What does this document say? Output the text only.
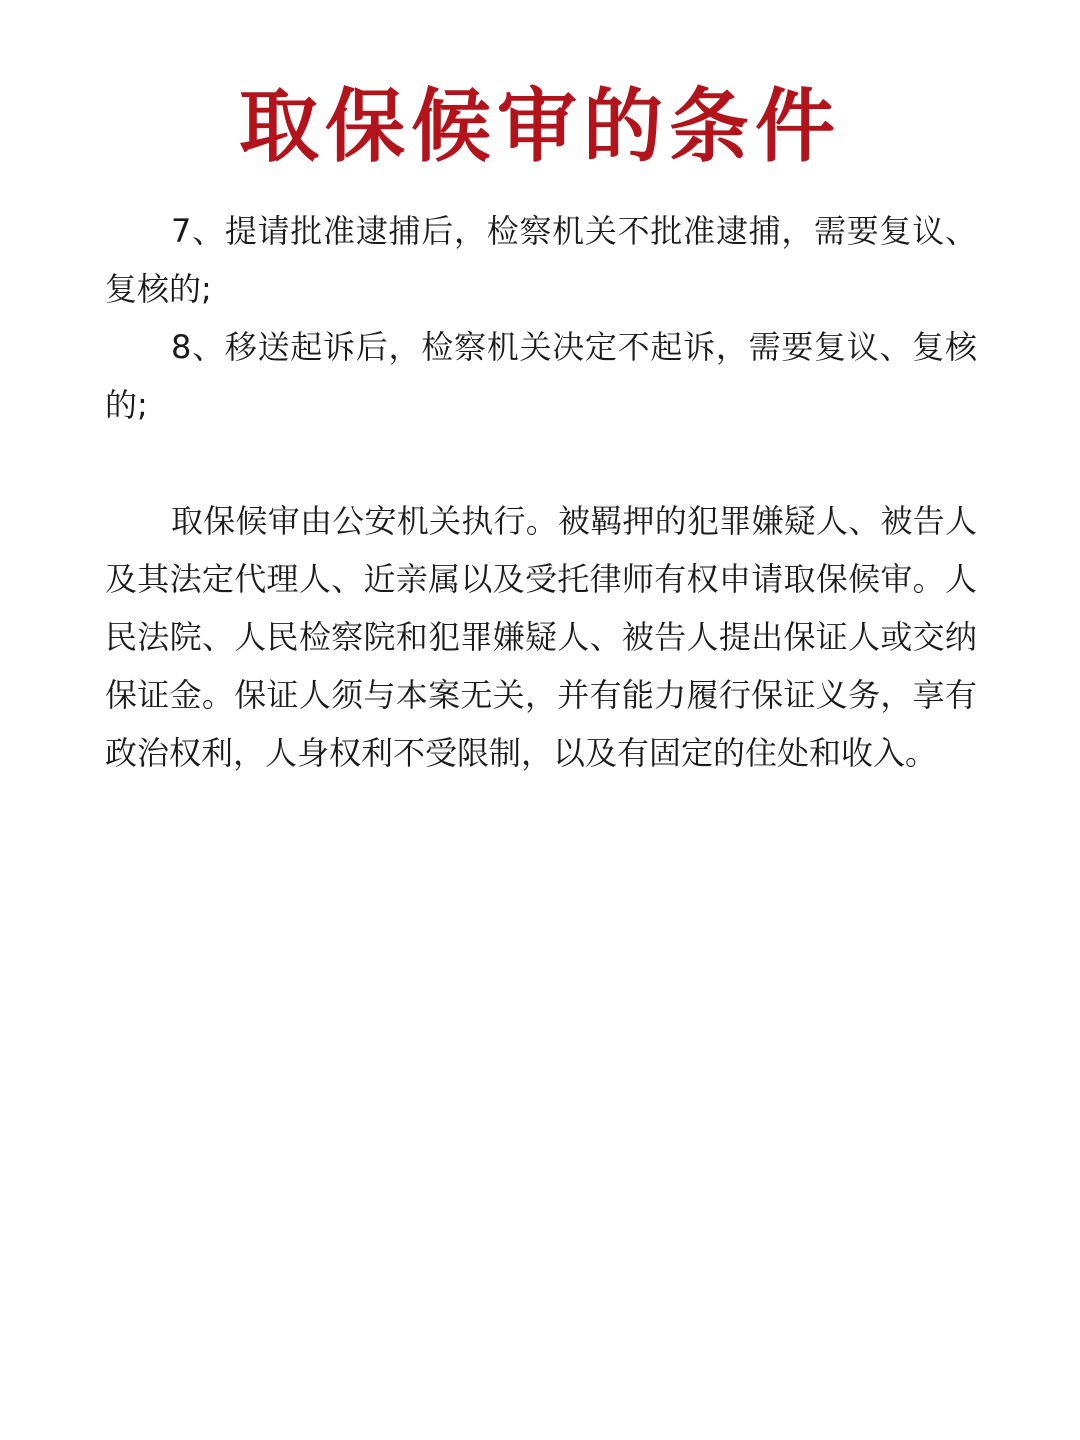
取保候审的条件

7、提请批准逮捕后，检察机关不批准逮捕，需要复议、复核的;

8、移送起诉后，检察机关决定不起诉，需要复议、复核的;

取保候审由公安机关执行。被羁押的犯罪嫌疑人、被告人及其法定代理人、近亲属以及受托律师有权申请取保候审。人民法院、人民检察院和犯罪嫌疑人、被告人提出保证人或交纳保证金。保证人须与本案无关，并有能力履行保证义务，享有政治权利，人身权利不受限制，以及有固定的住处和收入。
